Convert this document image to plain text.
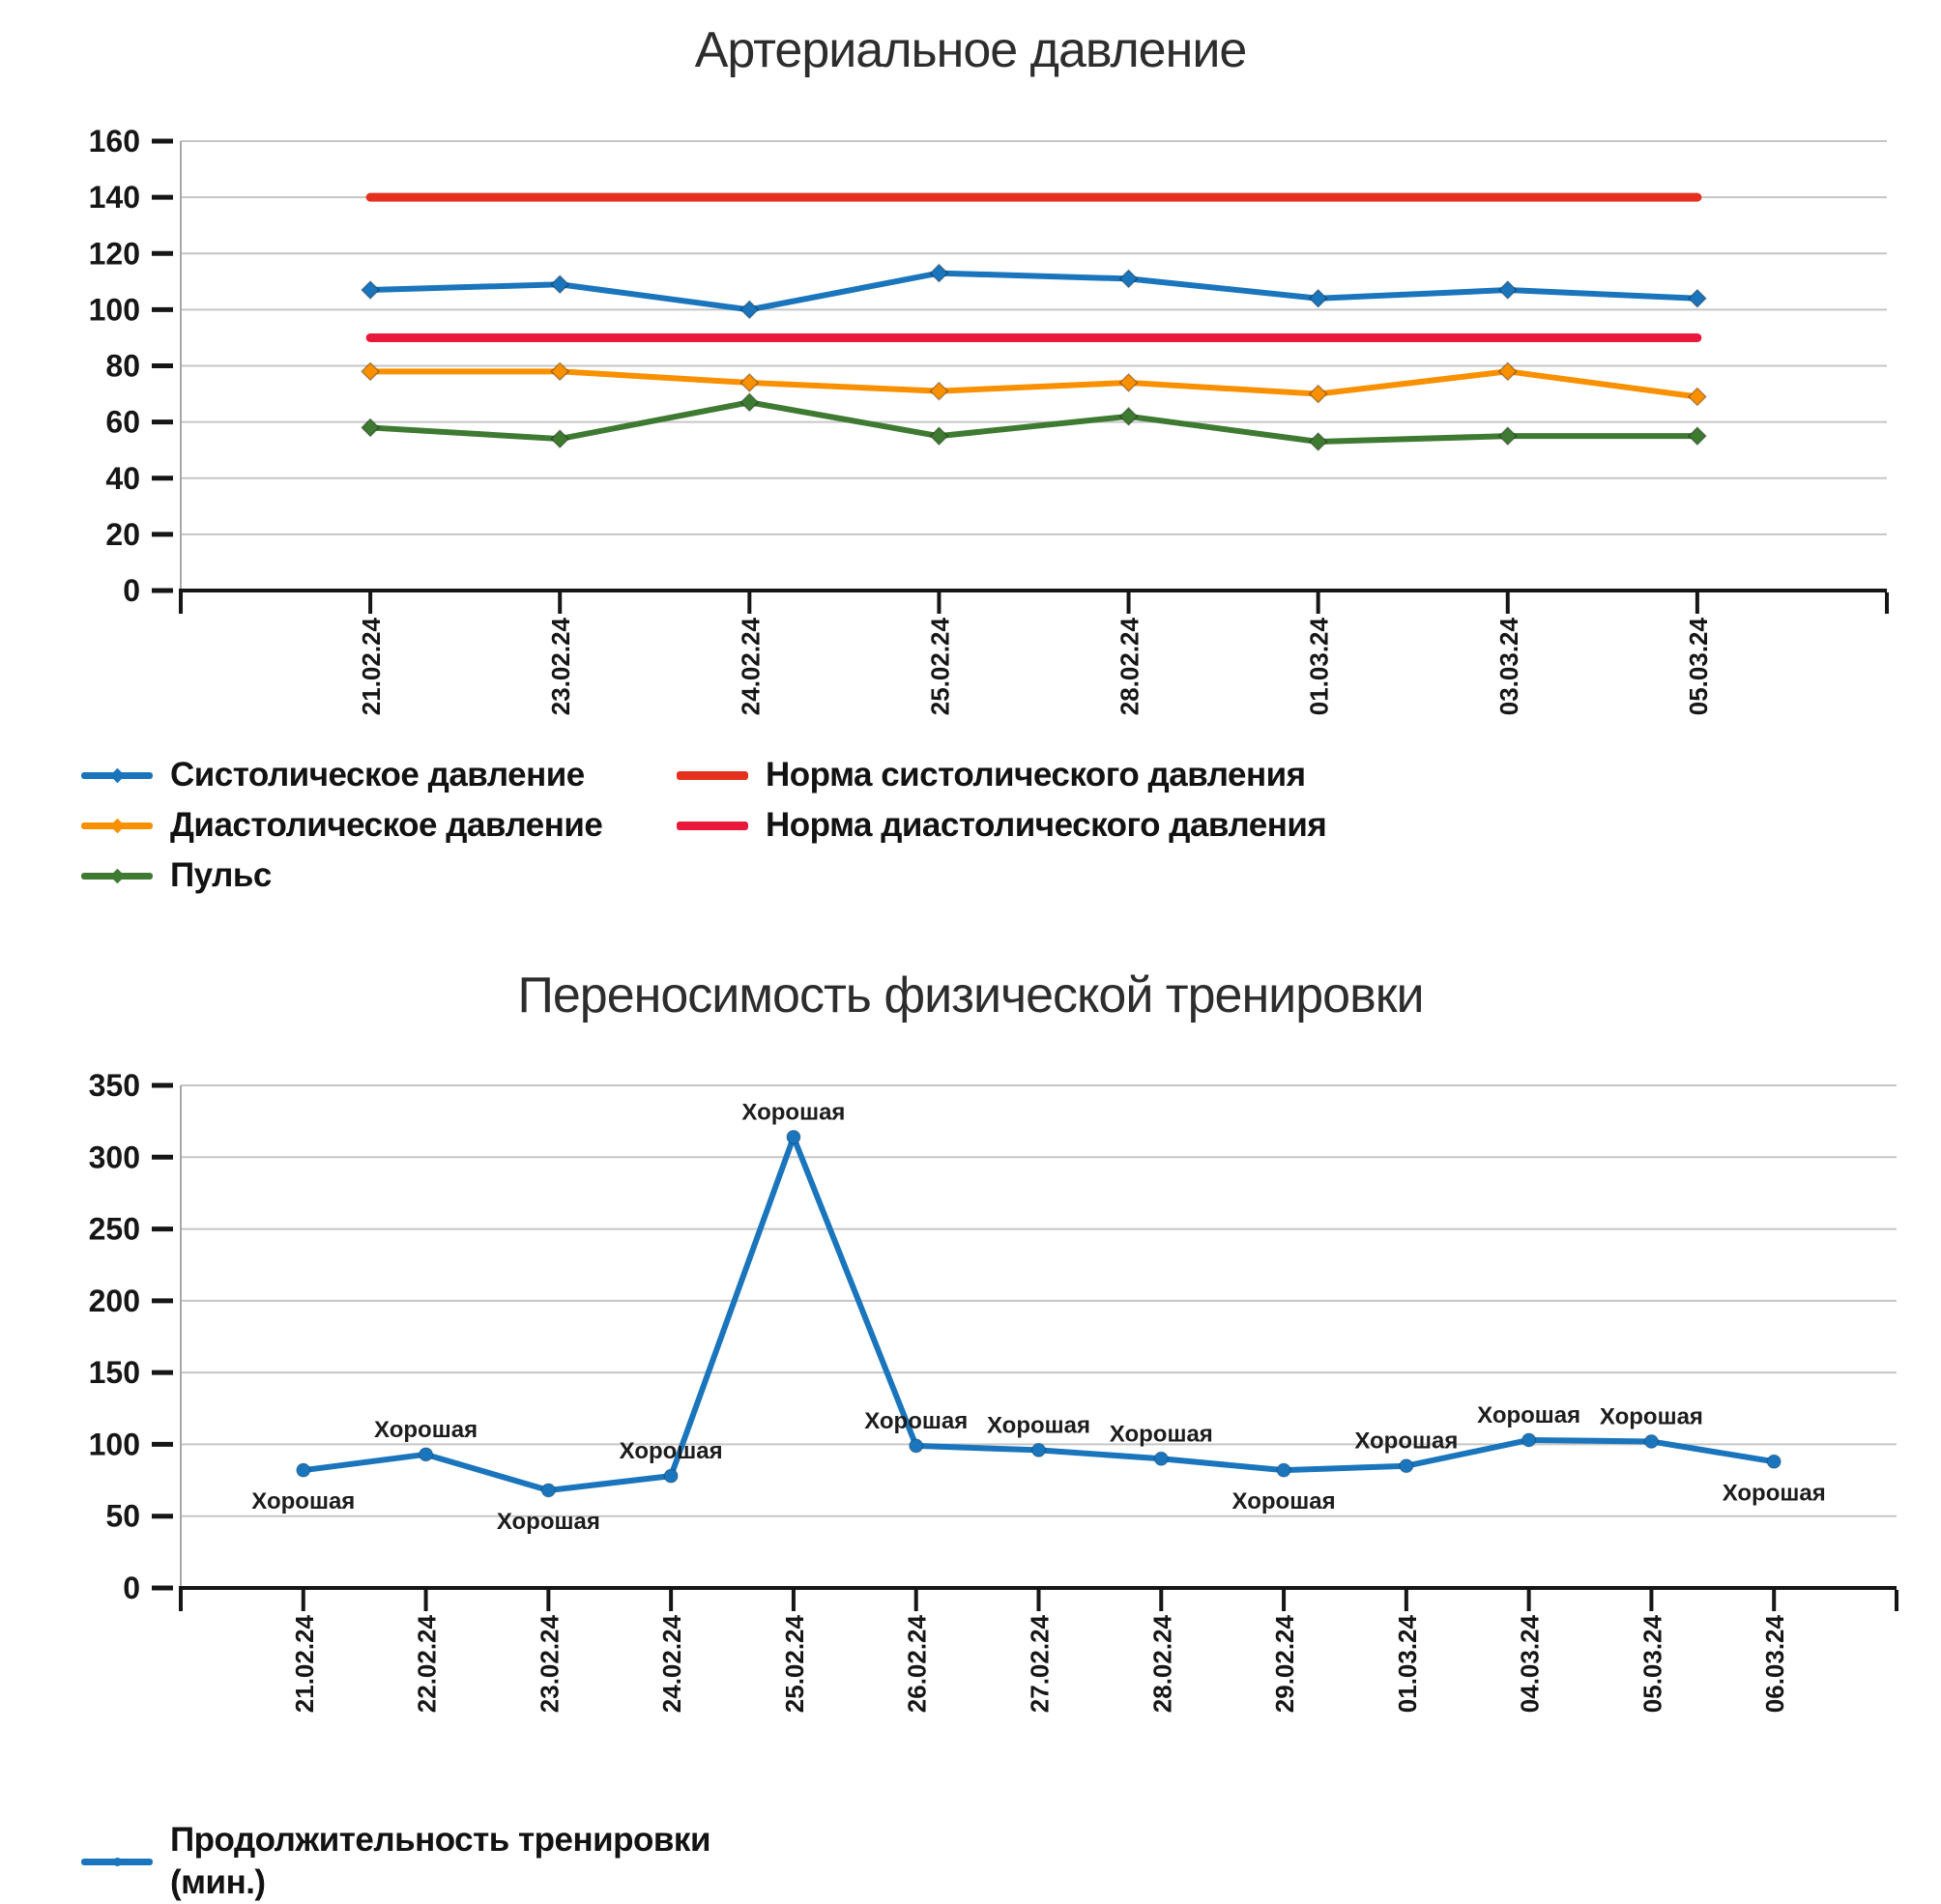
Артериальное давление
Переносимость физической тренировки
0
20
40
60
80
100
120
140
160
21.02.24	23.02.24	24.02.24	25.02.24	28.02.24	01.03.24	03.03.24	05.03.24
0
50
100
150
200
250
300
350
21.02.24	22.02.24	23.02.24	24.02.24	25.02.24	26.02.24	27.02.24	28.02.24	29.02.24	01.03.24	04.03.24	05.03.24	06.03.24
Хорошая
Хорошая
Хорошая
Хорошая
Хорошая
Хорошая Хорошая Хорошая
Хорошая
Хорошая
Хорошая Хорошая
Хорошая
Систолическое давление
Диастолическое давление
Пульс
Норма систолического давления
Норма диастолического давления
Продолжительность тренировки
(мин.)
